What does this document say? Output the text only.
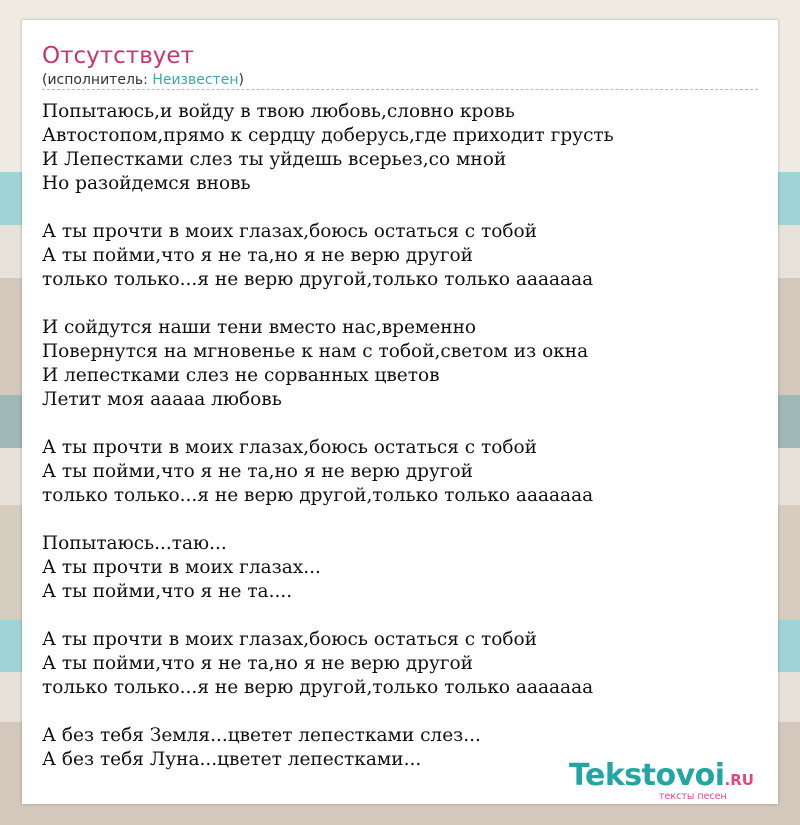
Отсутствует
(исполнитель: Неизвестен)
Попытаюсь,и войду в твою любовь,словно кровь
Автостопом,прямо к сердцу доберусь,где приходит грусть
И Лепестками слез ты уйдешь всерьез,со мной
Но разойдемся вновь
А ты прочти в моих глазах,боюсь остаться с тобой
А ты пойми,что я не та,но я не верю другой
только только...я не верю другой,только только ааааааа
И сойдутся наши тени вместо нас,временно
Повернутся на мгновенье к нам с тобой,светом из окна
И лепестками слез не сорванных цветов
Летит моя ааааа любовь
А ты прочти в моих глазах,боюсь остаться с тобой
А ты пойми,что я не та,но я не верю другой
только только...я не верю другой,только только ааааааа
Попытаюсь...таю...
А ты прочти в моих глазах...
А ты пойми,что я не та....
А ты прочти в моих глазах,боюсь остаться с тобой
А ты пойми,что я не та,но я не верю другой
только только...я не верю другой,только только ааааааа
А без тебя Земля...цветет лепестками слез...
А без тебя Луна...цветет лепестками...	Tekstovoi.RU
тексты песен
